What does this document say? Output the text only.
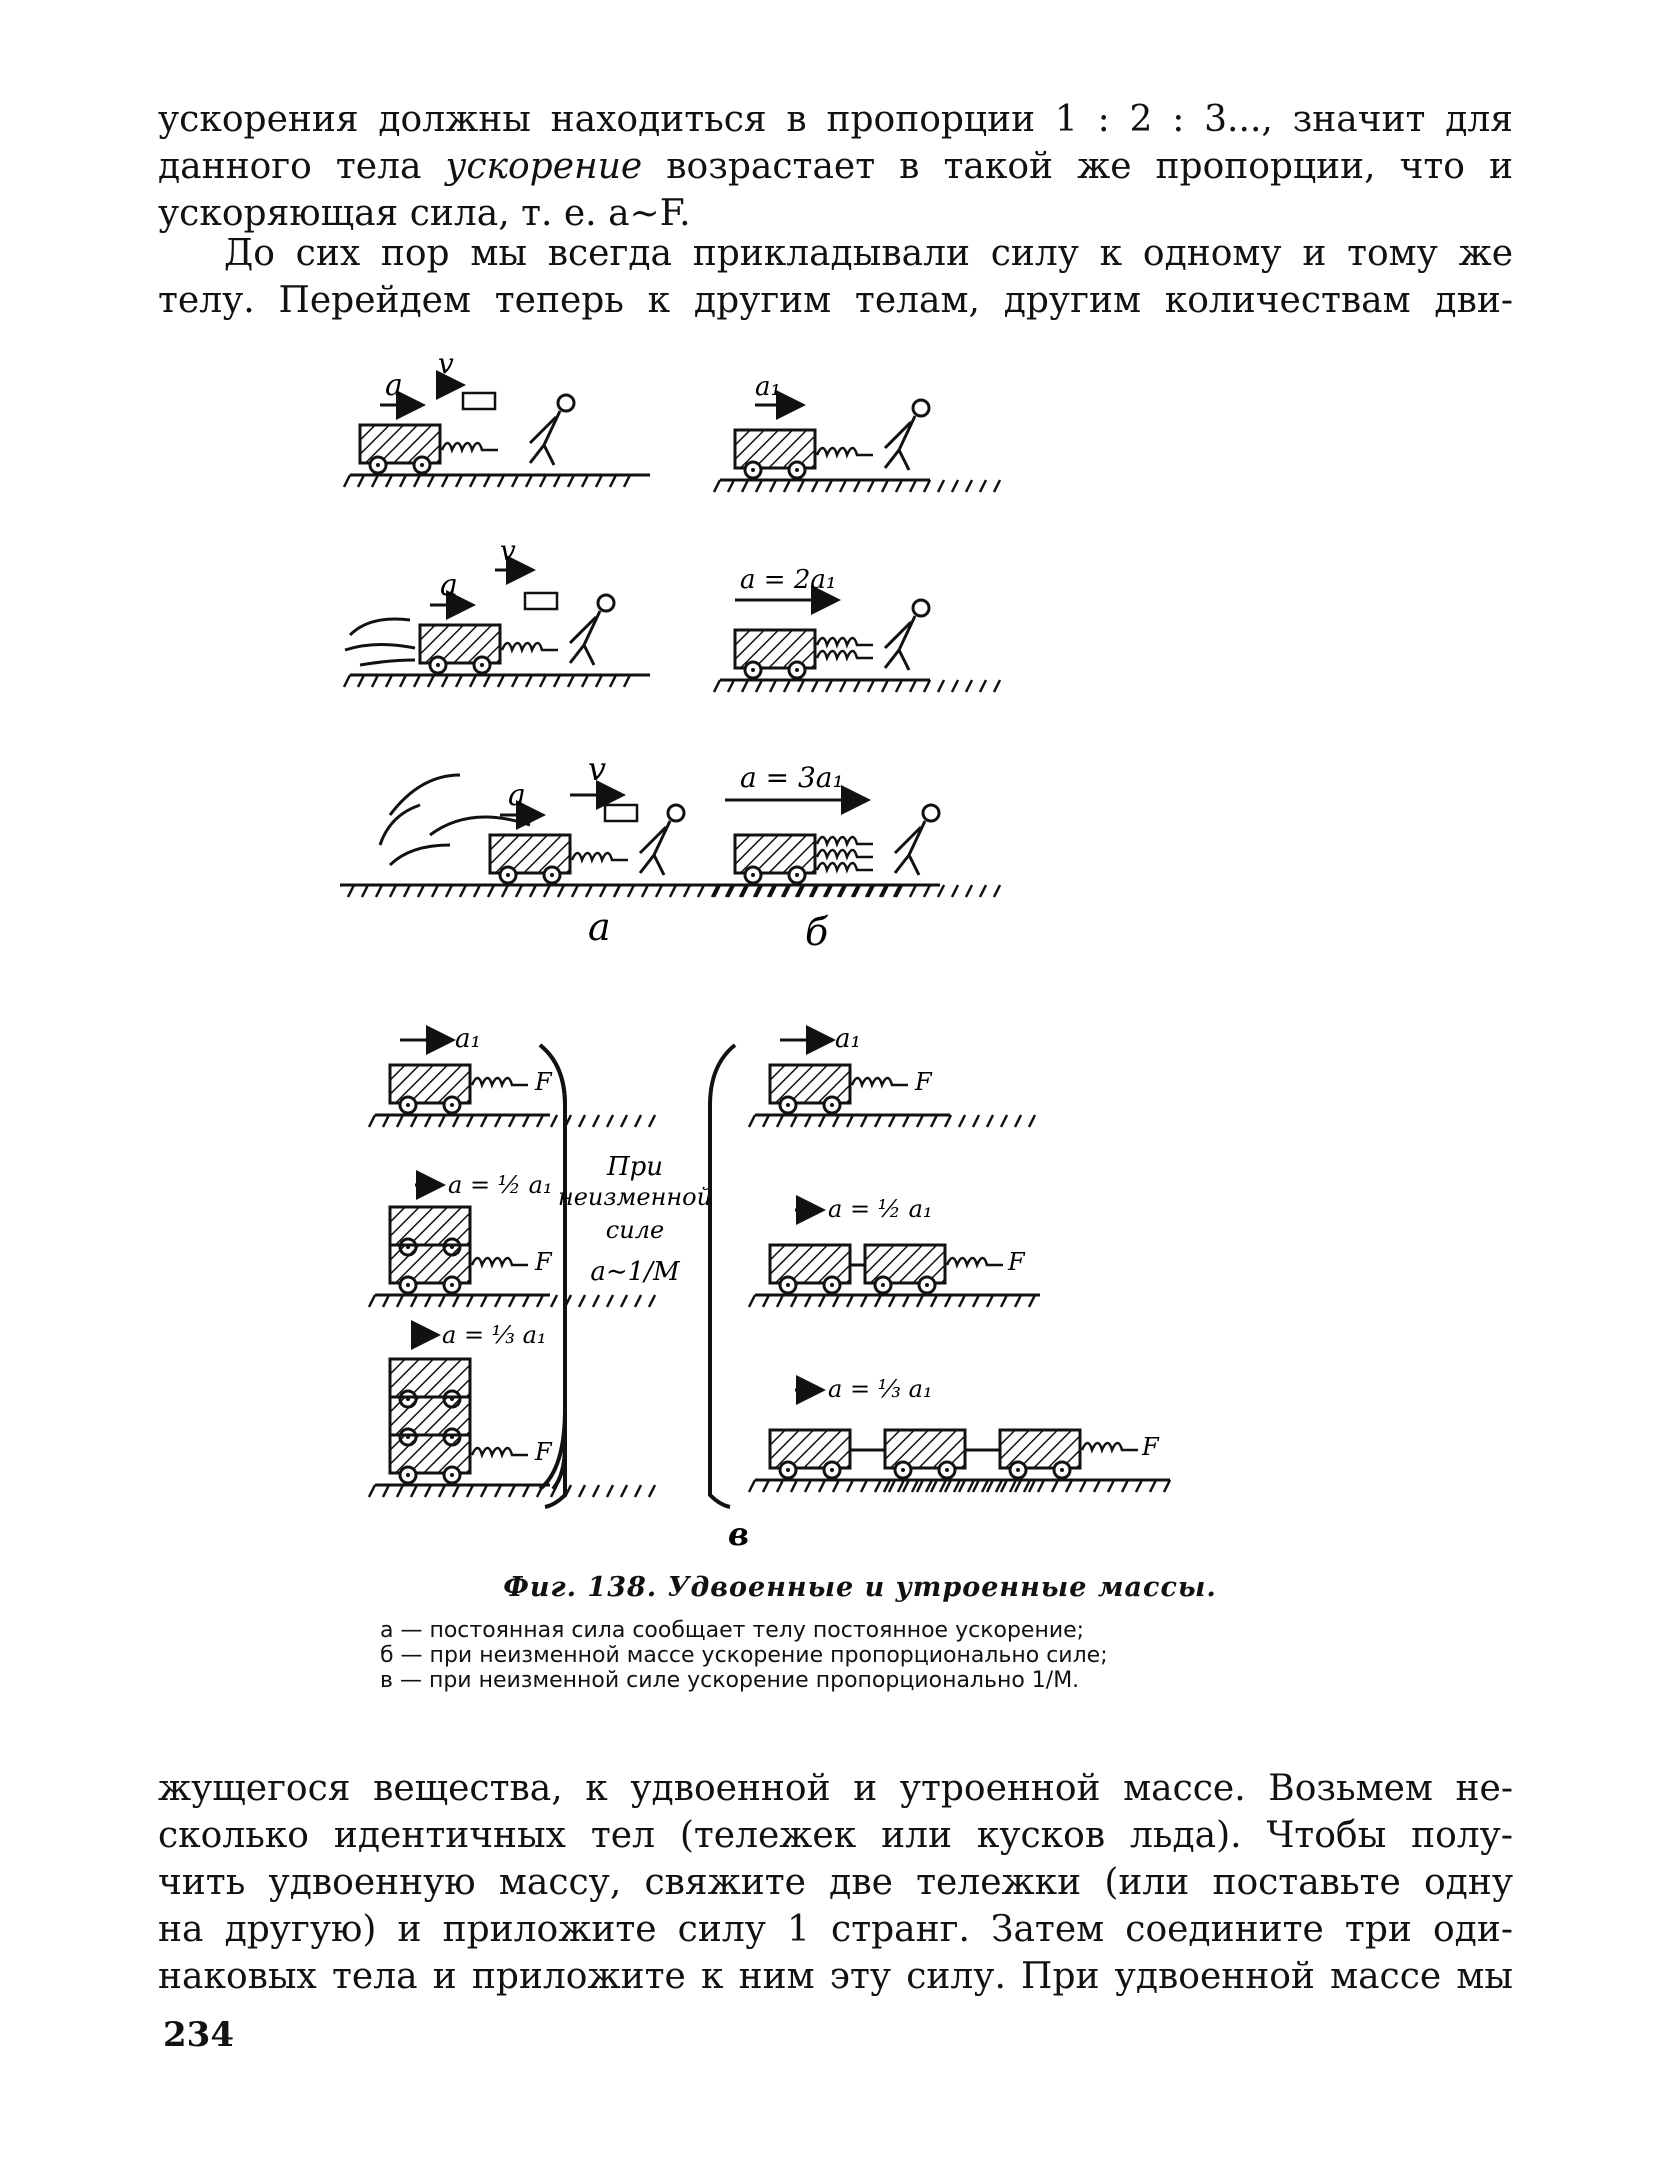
ускорения должны находиться в пропорции 1 : 2 : 3..., значит для
данного тела ускорение возрастает в такой же пропорции, что и
ускоряющая сила, т. е. a∼F.

До сих пор мы всегда прикладывали силу к одному и тому же
телу. Перейдем теперь к другим телам, другим количествам дви-

a
v
a
v
a
v
а
a₁
a = 2a₁
a = 3a₁
б
a₁
F
a = ½ a₁
F
a = ⅓ a₁
F
При
неизменной
силе
a∼1/M
a₁
F
a = ½ a₁
F
a = ⅓ a₁
F
в
Фиг. 138. Удвоенные и утроенные массы.
а — постоянная сила сообщает телу постоянное ускорение;
б — при неизменной массе ускорение пропорционально силе;
в — при неизменной силе ускорение пропорционально 1/M.

жущегося вещества, к удвоенной и утроенной массе. Возьмем не-
сколько идентичных тел (тележек или кусков льда). Чтобы полу-
чить удвоенную массу, свяжите две тележки (или поставьте одну
на другую) и приложите силу 1 странг. Затем соедините три оди-
наковых тела и приложите к ним эту силу. При удвоенной массе мы

234
